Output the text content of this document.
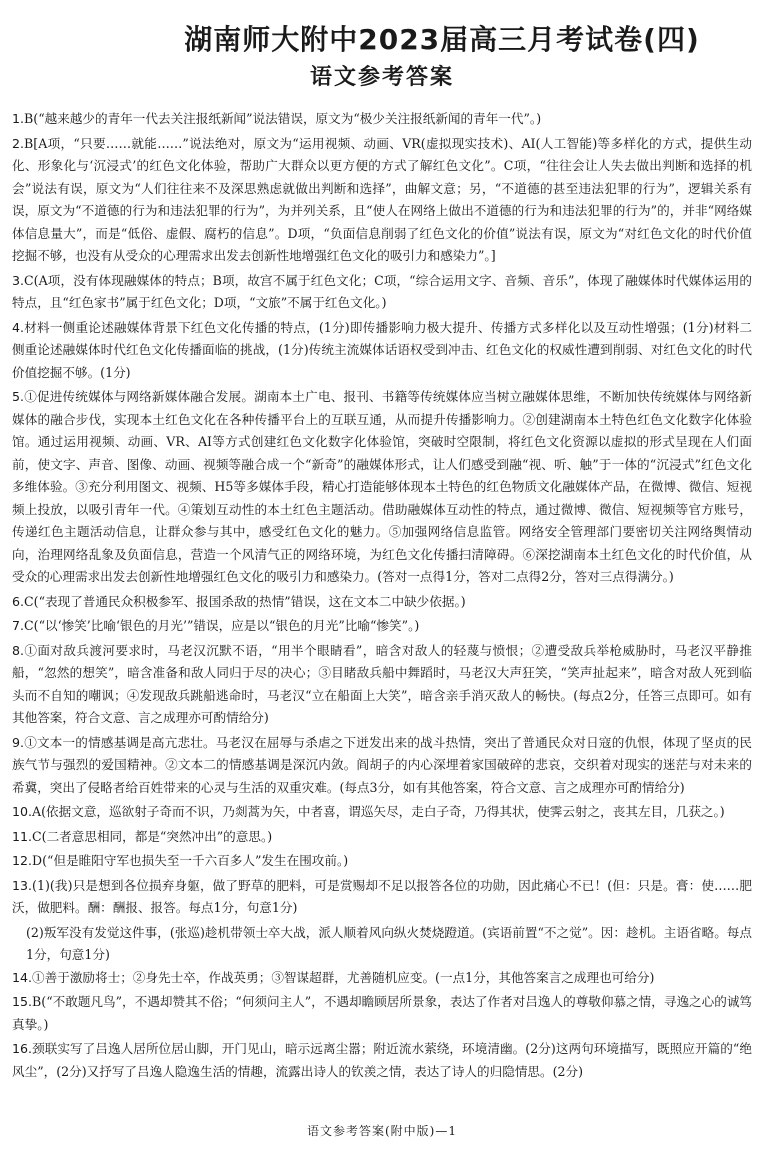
湖南师大附中2023届高三月考试卷(四)
语文参考答案

1.B(“越来越少的青年一代去关注报纸新闻”说法错误，原文为“极少关注报纸新闻的青年一代”。)

2.B[A项，“只要……就能……”说法绝对，原文为“运用视频、动画、VR(虚拟现实技术)、AI(人工智能)等多样化的方式，提供生动化、形象化与‘沉浸式’的红色文化体验，帮助广大群众以更方便的方式了解红色文化”。C项，“往往会让人失去做出判断和选择的机会”说法有误，原文为“人们往往来不及深思熟虑就做出判断和选择”，曲解文意；另，“不道德的甚至违法犯罪的行为”，逻辑关系有误，原文为“不道德的行为和违法犯罪的行为”，为并列关系，且“使人在网络上做出不道德的行为和违法犯罪的行为”的，并非“网络媒体信息量大”，而是“低俗、虚假、腐朽的信息”。D项，“负面信息削弱了红色文化的价值”说法有误，原文为“对红色文化的时代价值挖掘不够，也没有从受众的心理需求出发去创新性地增强红色文化的吸引力和感染力”。]

3.C(A项，没有体现融媒体的特点；B项，故宫不属于红色文化；C项，“综合运用文字、音频、音乐”，体现了融媒体时代媒体运用的特点，且“红色家书”属于红色文化；D项，“文旅”不属于红色文化。)

4.材料一侧重论述融媒体背景下红色文化传播的特点，(1分)即传播影响力极大提升、传播方式多样化以及互动性增强；(1分)材料二侧重论述融媒体时代红色文化传播面临的挑战，(1分)传统主流媒体话语权受到冲击、红色文化的权威性遭到削弱、对红色文化的时代价值挖掘不够。(1分)

5.①促进传统媒体与网络新媒体融合发展。湖南本土广电、报刊、书籍等传统媒体应当树立融媒体思维，不断加快传统媒体与网络新媒体的融合步伐，实现本土红色文化在各种传播平台上的互联互通，从而提升传播影响力。②创建湖南本土特色红色文化数字化体验馆。通过运用视频、动画、VR、AI等方式创建红色文化数字化体验馆，突破时空限制，将红色文化资源以虚拟的形式呈现在人们面前，使文字、声音、图像、动画、视频等融合成一个“新奇”的融媒体形式，让人们感受到融“视、听、触”于一体的“沉浸式”红色文化多维体验。③充分利用图文、视频、H5等多媒体手段，精心打造能够体现本土特色的红色物质文化融媒体产品，在微博、微信、短视频上投放，以吸引青年一代。④策划互动性的本土红色主题活动。借助融媒体互动性的特点，通过微博、微信、短视频等官方账号，传递红色主题活动信息，让群众参与其中，感受红色文化的魅力。⑤加强网络信息监管。网络安全管理部门要密切关注网络舆情动向，治理网络乱象及负面信息，营造一个风清气正的网络环境，为红色文化传播扫清障碍。⑥深挖湖南本土红色文化的时代价值，从受众的心理需求出发去创新性地增强红色文化的吸引力和感染力。(答对一点得1分，答对二点得2分，答对三点得满分。)

6.C(“表现了普通民众积极参军、报国杀敌的热情”错误，这在文本二中缺少依据。)

7.C(“以‘惨笑’比喻‘银色的月光’”错误，应是以“银色的月光”比喻“惨笑”。)

8.①面对敌兵渡河要求时，马老汉沉默不语，“用半个眼睛看”，暗含对敌人的轻蔑与愤恨；②遭受敌兵举枪威胁时，马老汉平静推船，“忽然的想笑”，暗含准备和敌人同归于尽的决心；③目睹敌兵船中舞蹈时，马老汉大声狂笑，“笑声扯起来”，暗含对敌人死到临头而不自知的嘲讽；④发现敌兵跳船逃命时，马老汉“立在船面上大笑”，暗含亲手消灭敌人的畅快。(每点2分，任答三点即可。如有其他答案，符合文意、言之成理亦可酌情给分)

9.①文本一的情感基调是高亢悲壮。马老汉在屈辱与杀虐之下迸发出来的战斗热情，突出了普通民众对日寇的仇恨，体现了坚贞的民族气节与强烈的爱国精神。②文本二的情感基调是深沉内敛。阎胡子的内心深埋着家国破碎的悲哀，交织着对现实的迷茫与对未来的希冀，突出了侵略者给百姓带来的心灵与生活的双重灾难。(每点3分，如有其他答案，符合文意、言之成理亦可酌情给分)

10.A(依据文意，巡欲射子奇而不识，乃剡蒿为矢，中者喜，谓巡矢尽，走白子奇，乃得其状，使霁云射之，丧其左目，几获之。)

11.C(二者意思相同，都是“突然冲出”的意思。)

12.D(“但是睢阳守军也损失至一千六百多人”发生在围攻前。)

13.(1)(我)只是想到各位损弃身躯，做了野草的肥料，可是赏赐却不足以报答各位的功勋，因此痛心不已！(但：只是。膏：使……肥沃，做肥料。酬：酬报、报答。每点1分，句意1分)

(2)叛军没有发觉这件事，(张巡)趁机带领士卒大战，派人顺着风向纵火焚烧蹬道。(宾语前置“不之觉”。因：趁机。主语省略。每点1分，句意1分)

14.①善于激励将士；②身先士卒，作战英勇；③智谋超群，尤善随机应变。(一点1分，其他答案言之成理也可给分)

15.B(“不敢题凡鸟”，不遇却赞其不俗；“何须问主人”，不遇却瞻顾居所景象，表达了作者对吕逸人的尊敬仰慕之情，寻逸之心的诚笃真挚。)

16.颈联实写了吕逸人居所位居山脚，开门见山，暗示远离尘嚣；附近流水萦绕，环境清幽。(2分)这两句环境描写，既照应开篇的“绝风尘”，(2分)又抒写了吕逸人隐逸生活的情趣，流露出诗人的钦羡之情，表达了诗人的归隐情思。(2分)

语文参考答案(附中版)—1
